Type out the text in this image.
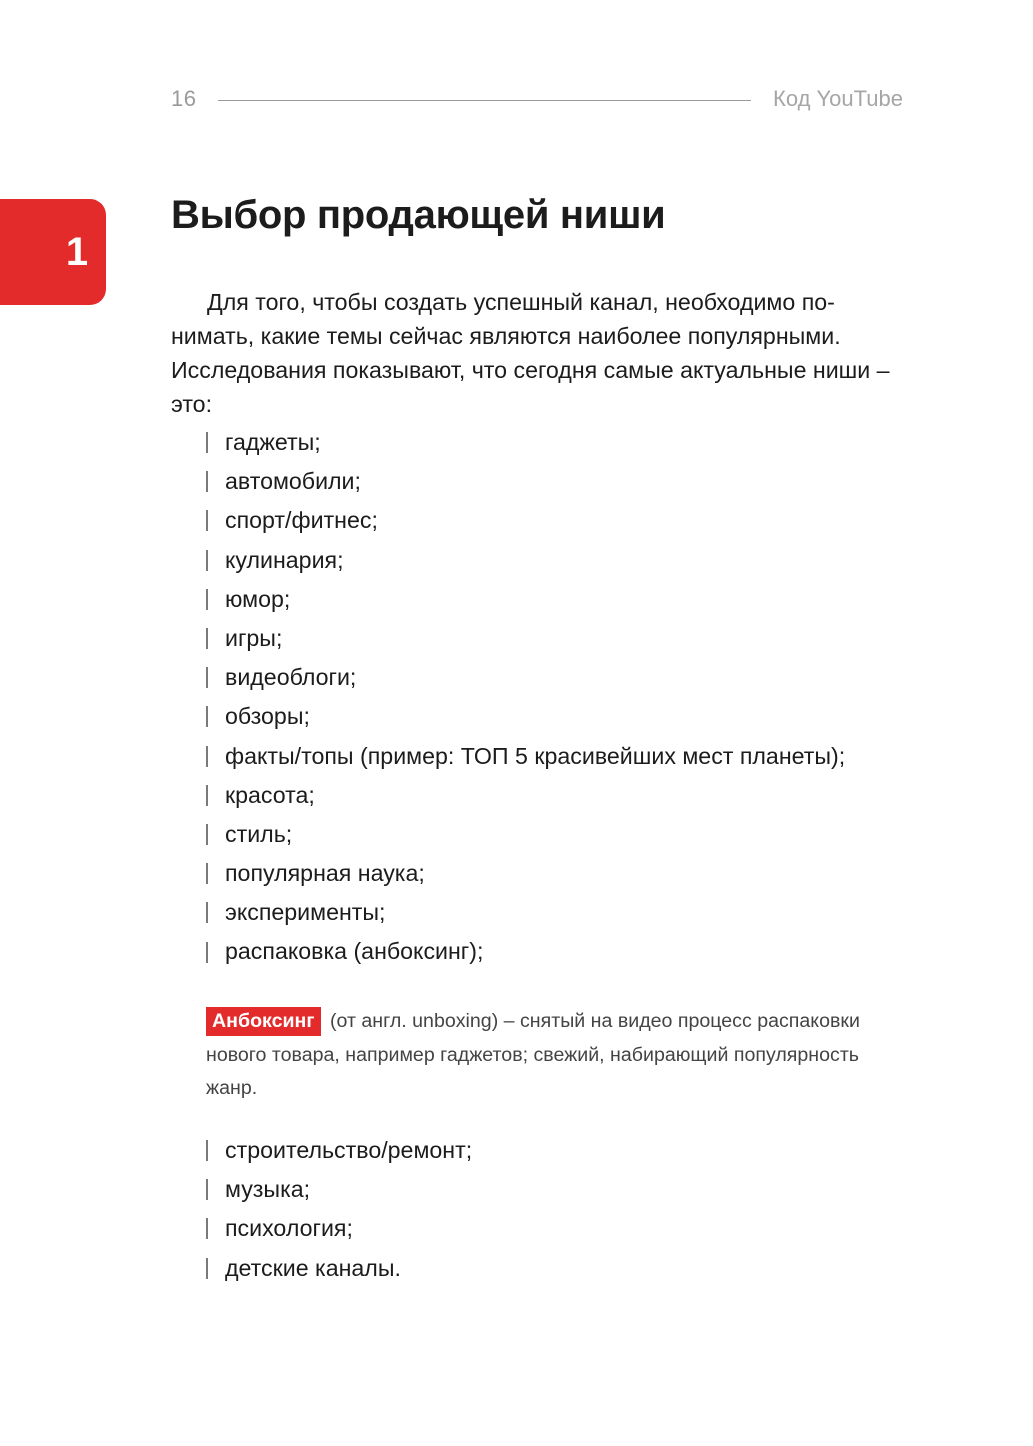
16	Код YouTube
1
Выбор продающей ниши

Для того, чтобы создать успешный канал, необходимо по-нимать, какие темы сейчас являются наиболее популярными. Исследования показывают, что сегодня самые актуальные ниши – это:

гаджеты;
автомобили;
спорт/фитнес;
кулинария;
юмор;
игры;
видеоблоги;
обзоры;
факты/топы (пример: ТОП 5 красивейших мест планеты);
красота;
стиль;
популярная наука;
эксперименты;
распаковка (анбоксинг);

Анбоксинг (от англ. unboxing) – снятый на видео процесс распаковки нового товара, например гаджетов; свежий, набирающий популярность жанр.

строительство/ремонт;
музыка;
психология;
детские каналы.
